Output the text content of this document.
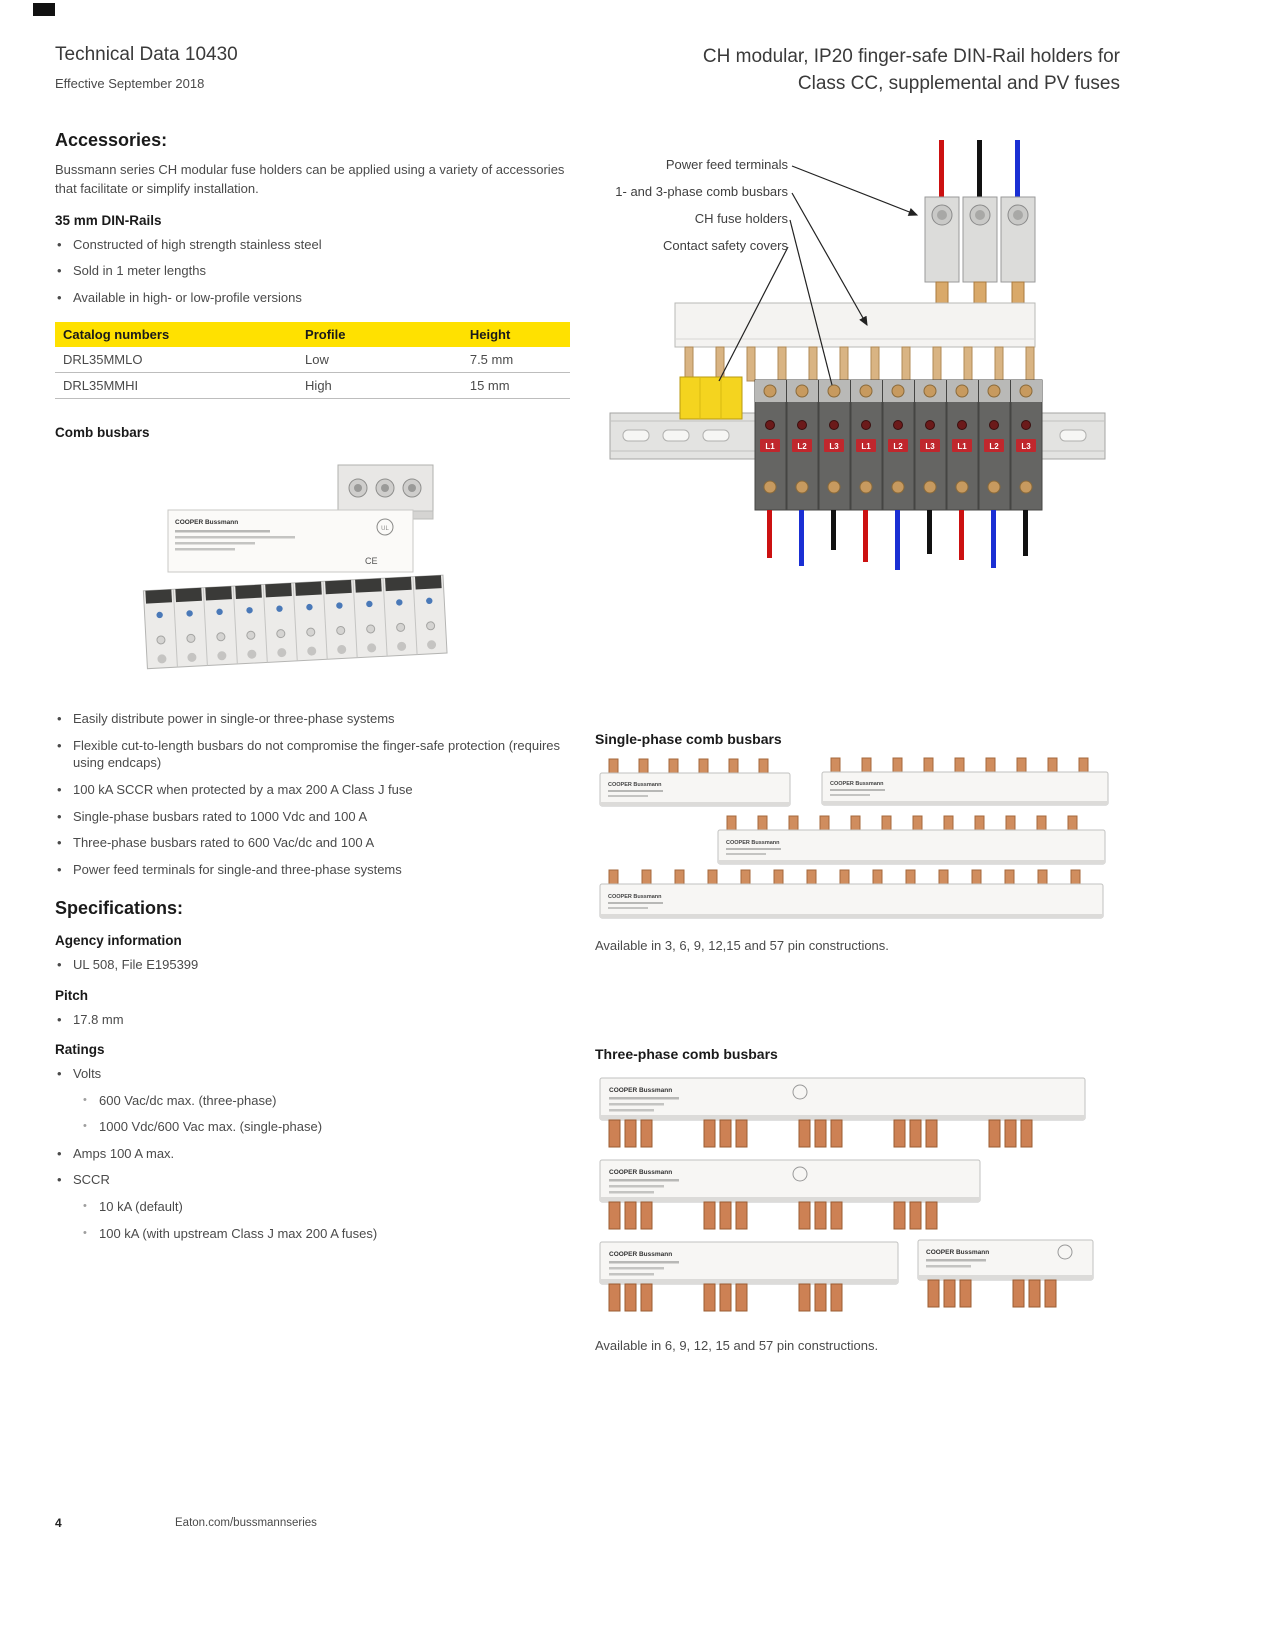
Technical Data 10430
Effective September 2018
CH modular, IP20 finger-safe DIN-Rail holders for
Class CC, supplemental and PV fuses
Accessories:

Bussmann series CH modular fuse holders can be applied using a variety of accessories that facilitate or simplify installation.

35 mm DIN-Rails
• Constructed of high strength stainless steel
• Sold in 1 meter lengths
• Available in high- or low-profile versions
Catalog numbers	Profile	Height
DRL35MMLO	Low	7.5 mm
DRL35MMHI	High	15 mm
Comb busbars
COOPER Bussmann
UL
CE
• Easily distribute power in single-or three-phase systems
• Flexible cut-to-length busbars do not compromise the finger-safe protection (requires using endcaps)
• 100 kA SCCR when protected by a max 200 A Class J fuse
• Single-phase busbars rated to 1000 Vdc and 100 A
• Three-phase busbars rated to 600 Vac/dc and 100 A
• Power feed terminals for single-and three-phase systems
Specifications:
Agency information
• UL 508, File E195399
Pitch
• 17.8 mm
Ratings
• Volts
• 600 Vac/dc max. (three-phase)
• 1000 Vdc/600 Vac max. (single-phase)
• Amps 100 A max.
• SCCR
• 10 kA (default)
• 100 kA (with upstream Class J max 200 A fuses)
L1	L2	L3	L1	L2	L3	L1	L2	L3
Power feed terminals
1- and 3-phase comb busbars
CH fuse holders
Contact safety covers
Single-phase comb busbars
COOPER Bussmann	COOPER Bussmann
COOPER Bussmann
COOPER Bussmann
Available in 3, 6, 9, 12,15 and 57 pin constructions.
Three-phase comb busbars
COOPER Bussmann
COOPER Bussmann
COOPER Bussmann	COOPER Bussmann
Available in 6, 9, 12, 15 and 57 pin constructions.
4	Eaton.com/bussmannseries
